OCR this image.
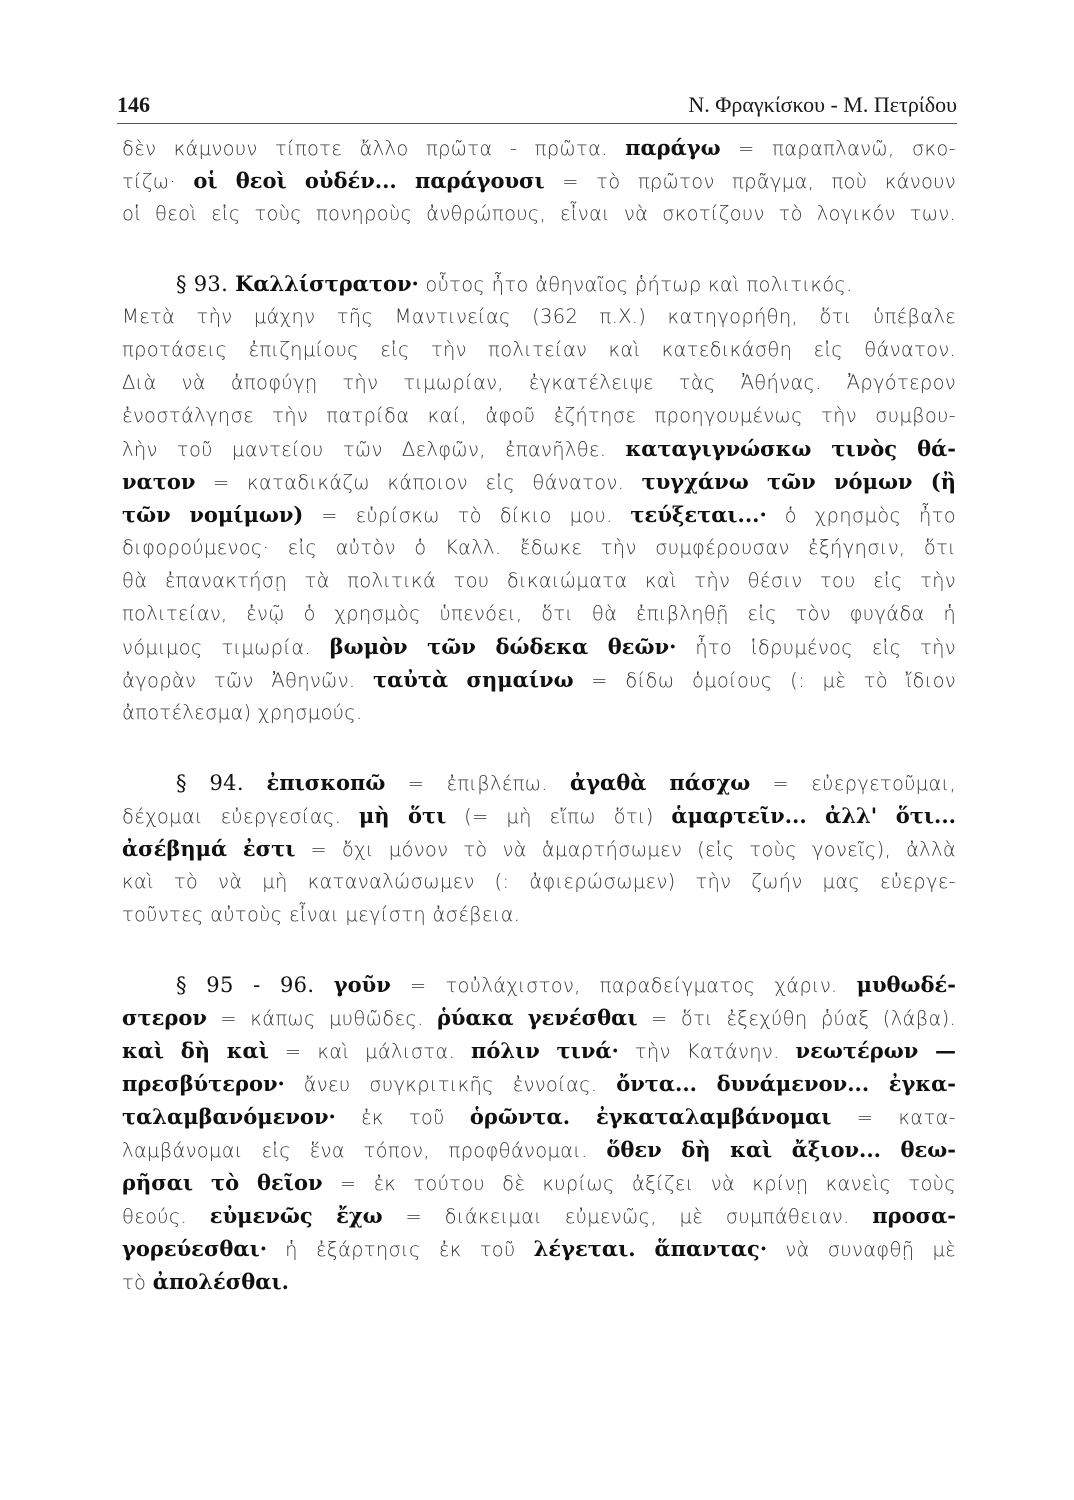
146	Ν. Φραγκίσκου - Μ. Πετρίδου
δὲν κάμνουν τίποτε ἄλλο πρῶτα - πρῶτα. παράγω = παραπλανῶ, σκο-
τίζω· οἱ θεοὶ οὐδέν... παράγουσι = τὸ πρῶτον πρᾶγμα, ποὺ κάνουν
οἱ θεοὶ εἰς τοὺς πονηροὺς ἀνθρώπους, εἶναι νὰ σκοτίζουν τὸ λογικόν των.
§ 93. Καλλίστρατον· οὗτος ἦτο ἀθηναῖος ῥήτωρ καὶ πολιτικός.
Μετὰ τὴν μάχην τῆς Μαντινείας (362 π.Χ.) κατηγορήθη, ὅτι ὑπέβαλε
προτάσεις ἐπιζημίους εἰς τὴν πολιτείαν καὶ κατεδικάσθη εἰς θάνατον.
Διὰ νὰ ἀποφύγῃ τὴν τιμωρίαν, ἐγκατέλειψε τὰς Ἀθήνας. Ἀργότερον
ἐνοστάλγησε τὴν πατρίδα καί, ἀφοῦ ἐζήτησε προηγουμένως τὴν συμβου-
λὴν τοῦ μαντείου τῶν Δελφῶν, ἐπανῆλθε. καταγιγνώσκω τινὸς θά-
νατον = καταδικάζω κάποιον εἰς θάνατον. τυγχάνω τῶν νόμων (ἢ
τῶν νομίμων) = εὑρίσκω τὸ δίκιο μου. τεύξεται...· ὁ χρησμὸς ἦτο
διφορούμενος· εἰς αὐτὸν ὁ Καλλ. ἔδωκε τὴν συμφέρουσαν ἐξήγησιν, ὅτι
θὰ ἐπανακτήσῃ τὰ πολιτικά του δικαιώματα καὶ τὴν θέσιν του εἰς τὴν
πολιτείαν, ἐνῷ ὁ χρησμὸς ὑπενόει, ὅτι θὰ ἐπιβληθῇ εἰς τὸν φυγάδα ἡ
νόμιμος τιμωρία. βωμὸν τῶν δώδεκα θεῶν· ἦτο ἱδρυμένος εἰς τὴν
ἀγορὰν τῶν Ἀθηνῶν. ταὐτὰ σημαίνω = δίδω ὁμοίους (: μὲ τὸ ἴδιον
ἀποτέλεσμα) χρησμούς.
§ 94. ἐπισκοπῶ = ἐπιβλέπω. ἀγαθὰ πάσχω = εὐεργετοῦμαι,
δέχομαι εὐεργεσίας. μὴ ὅτι (= μὴ εἴπω ὅτι) ἁμαρτεῖν... ἀλλ' ὅτι...
ἀσέβημά ἐστι = ὄχι μόνον τὸ νὰ ἁμαρτήσωμεν (εἰς τοὺς γονεῖς), ἀλλὰ
καὶ τὸ νὰ μὴ καταναλώσωμεν (: ἀφιερώσωμεν) τὴν ζωήν μας εὐεργε-
τοῦντες αὐτοὺς εἶναι μεγίστη ἀσέβεια.
§ 95 - 96. γοῦν = τοὐλάχιστον, παραδείγματος χάριν. μυθωδέ-
στερον = κάπως μυθῶδες. ῥύακα γενέσθαι = ὅτι ἐξεχύθη ῥύαξ (λάβα).
καὶ δὴ καὶ = καὶ μάλιστα. πόλιν τινά· τὴν Κατάνην. νεωτέρων —
πρεσβύτερον· ἄνευ συγκριτικῆς ἐννοίας. ὄντα... δυνάμενον... ἐγκα-
ταλαμβανόμενον· ἐκ τοῦ ὁρῶντα. ἐγκαταλαμβάνομαι = κατα-
λαμβάνομαι εἰς ἕνα τόπον, προφθάνομαι. ὅθεν δὴ καὶ ἄξιον... θεω-
ρῆσαι τὸ θεῖον = ἐκ τούτου δὲ κυρίως ἀξίζει νὰ κρίνῃ κανεὶς τοὺς
θεούς. εὐμενῶς ἔχω = διάκειμαι εὐμενῶς, μὲ συμπάθειαν. προσα-
γορεύεσθαι· ἡ ἐξάρτησις ἐκ τοῦ λέγεται. ἅπαντας· νὰ συναφθῇ μὲ
τὸ ἀπολέσθαι.
